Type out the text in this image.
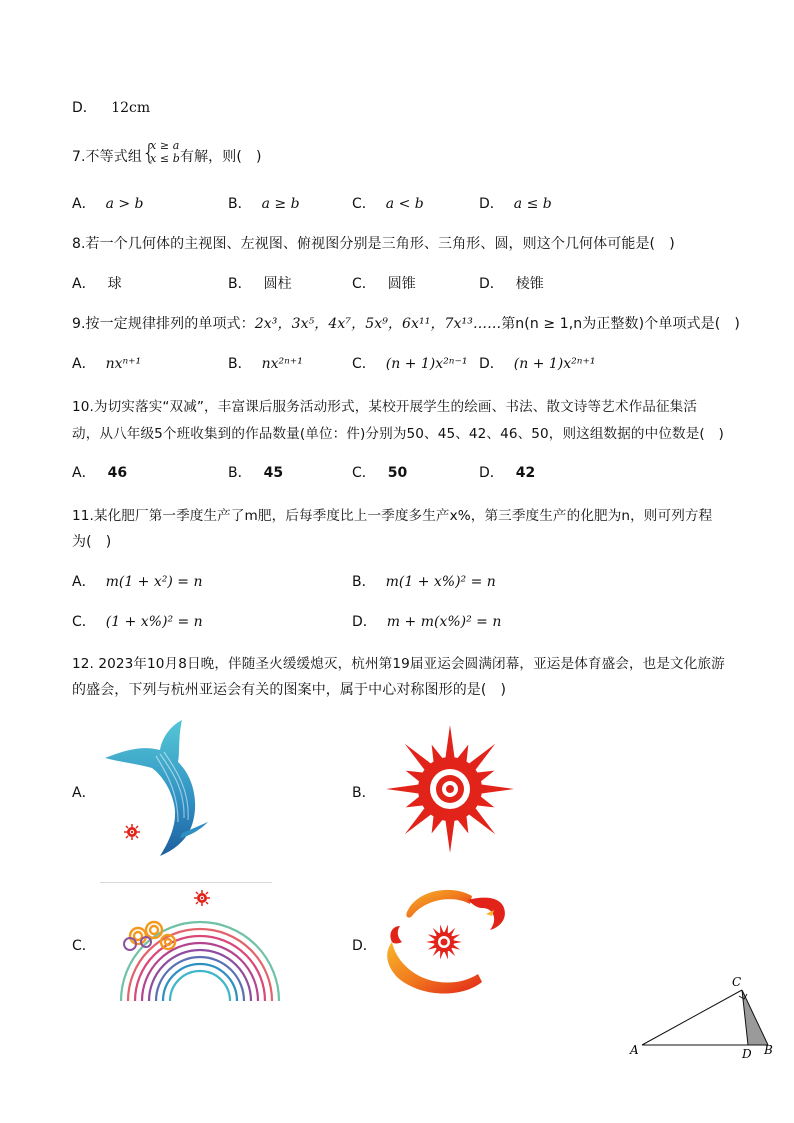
D． 12cm
7.不等式组 {
x ≥ a
x ≤ b 有解，则(　)
A． a > b	B． a ≥ b	C． a < b	D． a ≤ b
8.若一个几何体的主视图、左视图、俯视图分别是三角形、三角形、圆，则这个几何体可能是(　)
A． 球	B． 圆柱	C． 圆锥	D． 棱锥
9.按一定规律排列的单项式：2x³，3x⁵，4x⁷，5x⁹，6x¹¹，7x¹³……第n(n ≥ 1,n为正整数)个单项式是(　)
A． nxⁿ⁺¹	B． nx²ⁿ⁺¹	C． (n + 1)x²ⁿ⁻¹ D． (n + 1)x²ⁿ⁺¹
10.为切实落实“双减”，丰富课后服务活动形式，某校开展学生的绘画、书法、散文诗等艺术作品征集活
动，从八年级5个班收集到的作品数量(单位：件)分别为50、45、42、46、50，则这组数据的中位数是(　)
A． 46	B． 45	C． 50	D． 42
11.某化肥厂第一季度生产了m肥，后每季度比上一季度多生产x%，第三季度生产的化肥为n，则可列方程
为(　)
A． m(1 + x²) = n	B． m(1 + x%)² = n
C． (1 + x%)² = n	D． m + m(x%)² = n
12. 2023年10月8日晚，伴随圣火缓缓熄灭，杭州第19届亚运会圆满闭幕，亚运是体育盛会，也是文化旅游
的盛会，下列与杭州亚运会有关的图案中，属于中心对称图形的是(　)
A．	B．
C．	D．
A	B
C
D
